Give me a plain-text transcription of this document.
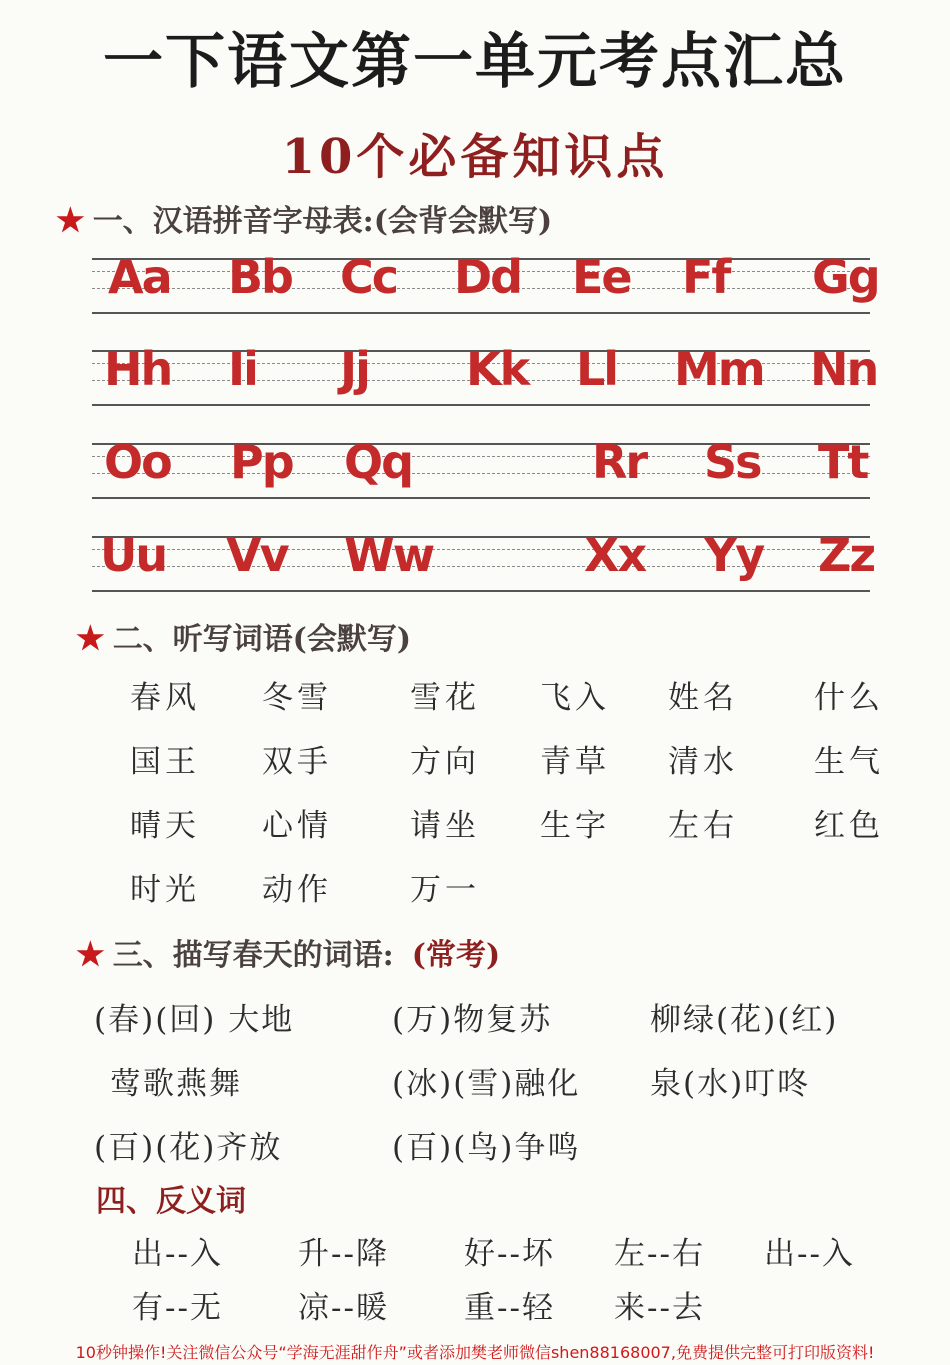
一下语文第一单元考点汇总
10个必备知识点
★ 一、汉语拼音字母表:(会背会默写)
Aa Bb Cc Dd Ee Ff Gg
Hh Ii Jj Kk Ll Mm Nn
Oo Pp Qq	Rr Ss Tt
Uu Vv Ww	Xx Yy Zz
★ 二、听写词语(会默写)
春风 冬雪	雪花 飞入 姓名 什么
国王 双手	方向 青草 清水 生气
晴天 心情	请坐 生字 左右 红色
时光 动作	万一
★ 三、描写春天的词语: (常考)
(春)(回) 大地	(万)物复苏	柳绿(花)(红)
莺歌燕舞	(冰)(雪)融化 泉(水)叮咚
(百)(花)齐放	(百)(鸟)争鸣
四、反义词
出--入 升--降 好--坏 左--右 出--入
有--无 凉--暖 重--轻 来--去
10秒钟操作!关注微信公众号“学海无涯甜作舟”或者添加樊老师微信shen88168007,免费提供完整可打印版资料!
